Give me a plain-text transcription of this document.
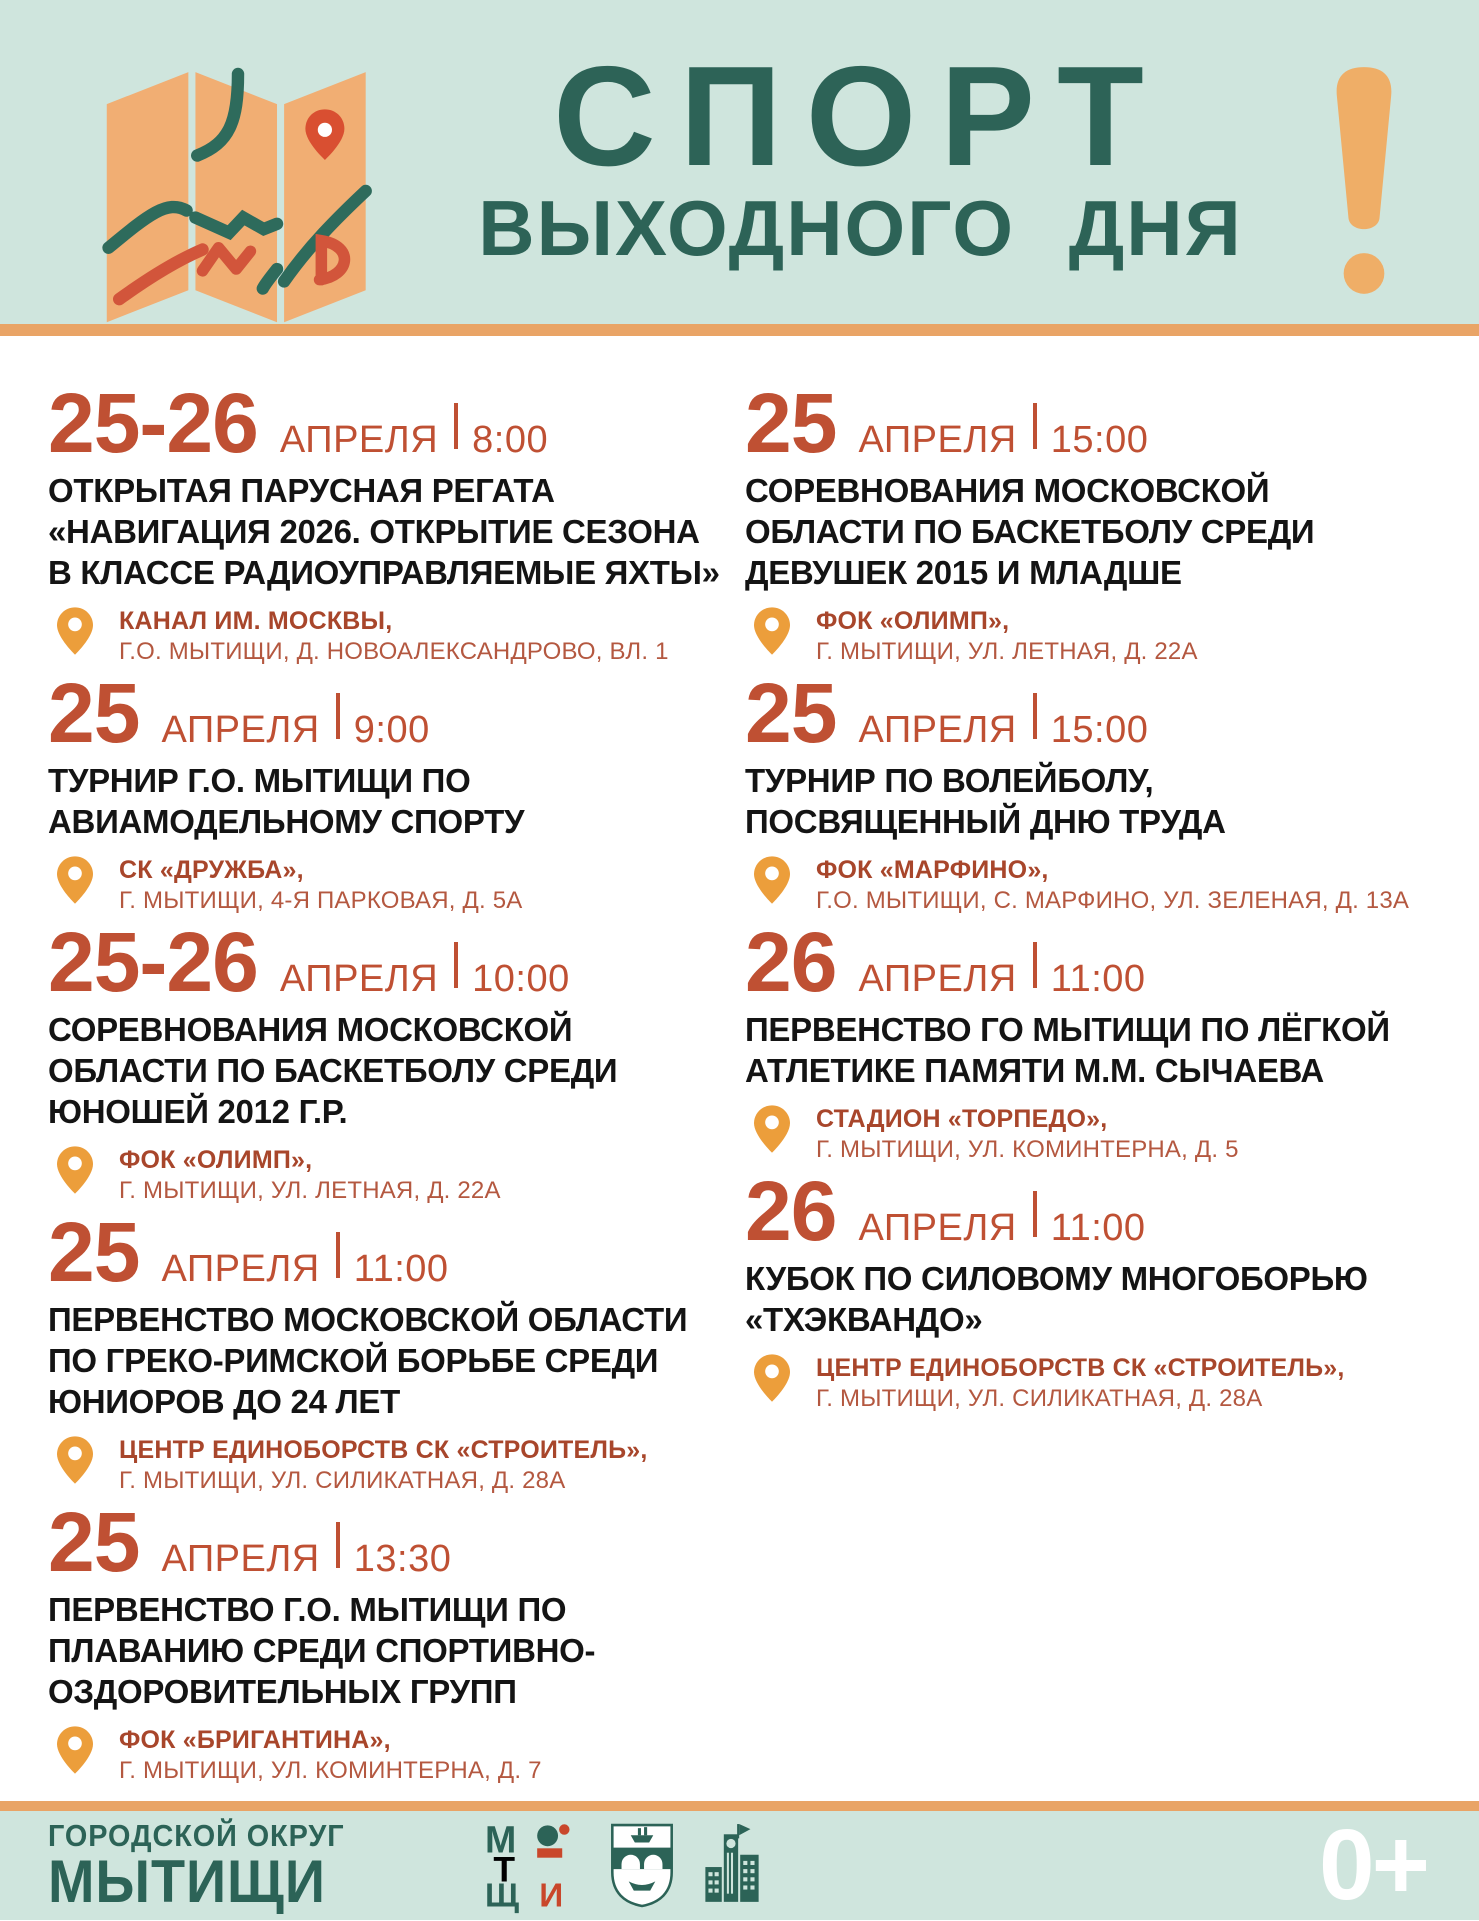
СПОРТ
ВЫХОДНОГО ДНЯ
25-26 АПРЕЛЯ 8:00
ОТКРЫТАЯ ПАРУСНАЯ РЕГАТА «НАВИГАЦИЯ 2026. ОТКРЫТИЕ СЕЗОНА В КЛАССЕ РАДИОУПРАВЛЯЕМЫЕ ЯХТЫ»
КАНАЛ ИМ. МОСКВЫ,
Г.О. МЫТИЩИ, Д. НОВОАЛЕКСАНДРОВО, ВЛ. 1
25 АПРЕЛЯ 9:00
ТУРНИР Г.О. МЫТИЩИ ПО АВИАМОДЕЛЬНОМУ СПОРТУ
СК «ДРУЖБА»,
Г. МЫТИЩИ, 4-Я ПАРКОВАЯ, Д. 5А
25-26 АПРЕЛЯ 10:00
СОРЕВНОВАНИЯ МОСКОВСКОЙ ОБЛАСТИ ПО БАСКЕТБОЛУ СРЕДИ ЮНОШЕЙ 2012 Г.Р.
ФОК «ОЛИМП»,
Г. МЫТИЩИ, УЛ. ЛЕТНАЯ, Д. 22А
25 АПРЕЛЯ 11:00
ПЕРВЕНСТВО МОСКОВСКОЙ ОБЛАСТИ ПО ГРЕКО-РИМСКОЙ БОРЬБЕ СРЕДИ ЮНИОРОВ ДО 24 ЛЕТ
ЦЕНТР ЕДИНОБОРСТВ СК «СТРОИТЕЛЬ»,
Г. МЫТИЩИ, УЛ. СИЛИКАТНАЯ, Д. 28А
25 АПРЕЛЯ 13:30
ПЕРВЕНСТВО Г.О. МЫТИЩИ ПО ПЛАВАНИЮ СРЕДИ СПОРТИВНО-ОЗДОРОВИТЕЛЬНЫХ ГРУПП
ФОК «БРИГАНТИНА»,
Г. МЫТИЩИ, УЛ. КОМИНТЕРНА, Д. 7
25 АПРЕЛЯ 15:00
СОРЕВНОВАНИЯ МОСКОВСКОЙ ОБЛАСТИ ПО БАСКЕТБОЛУ СРЕДИ ДЕВУШЕК 2015 И МЛАДШЕ
ФОК «ОЛИМП»,
Г. МЫТИЩИ, УЛ. ЛЕТНАЯ, Д. 22А
25 АПРЕЛЯ 15:00
ТУРНИР ПО ВОЛЕЙБОЛУ, ПОСВЯЩЕННЫЙ ДНЮ ТРУДА
ФОК «МАРФИНО»,
Г.О. МЫТИЩИ, С. МАРФИНО, УЛ. ЗЕЛЕНАЯ, Д. 13А
26 АПРЕЛЯ 11:00
ПЕРВЕНСТВО ГО МЫТИЩИ ПО ЛЁГКОЙ АТЛЕТИКЕ ПАМЯТИ М.М. СЫЧАЕВА
СТАДИОН «ТОРПЕДО»,
Г. МЫТИЩИ, УЛ. КОМИНТЕРНА, Д. 5
26 АПРЕЛЯ 11:00
КУБОК ПО СИЛОВОМУ МНОГОБОРЬЮ «ТХЭКВАНДО»
ЦЕНТР ЕДИНОБОРСТВ СК «СТРОИТЕЛЬ»,
Г. МЫТИЩИ, УЛ. СИЛИКАТНАЯ, Д. 28А
ГОРОДСКОЙ ОКРУГ
МЫТИЩИ
М
Т
Щ И	0+
